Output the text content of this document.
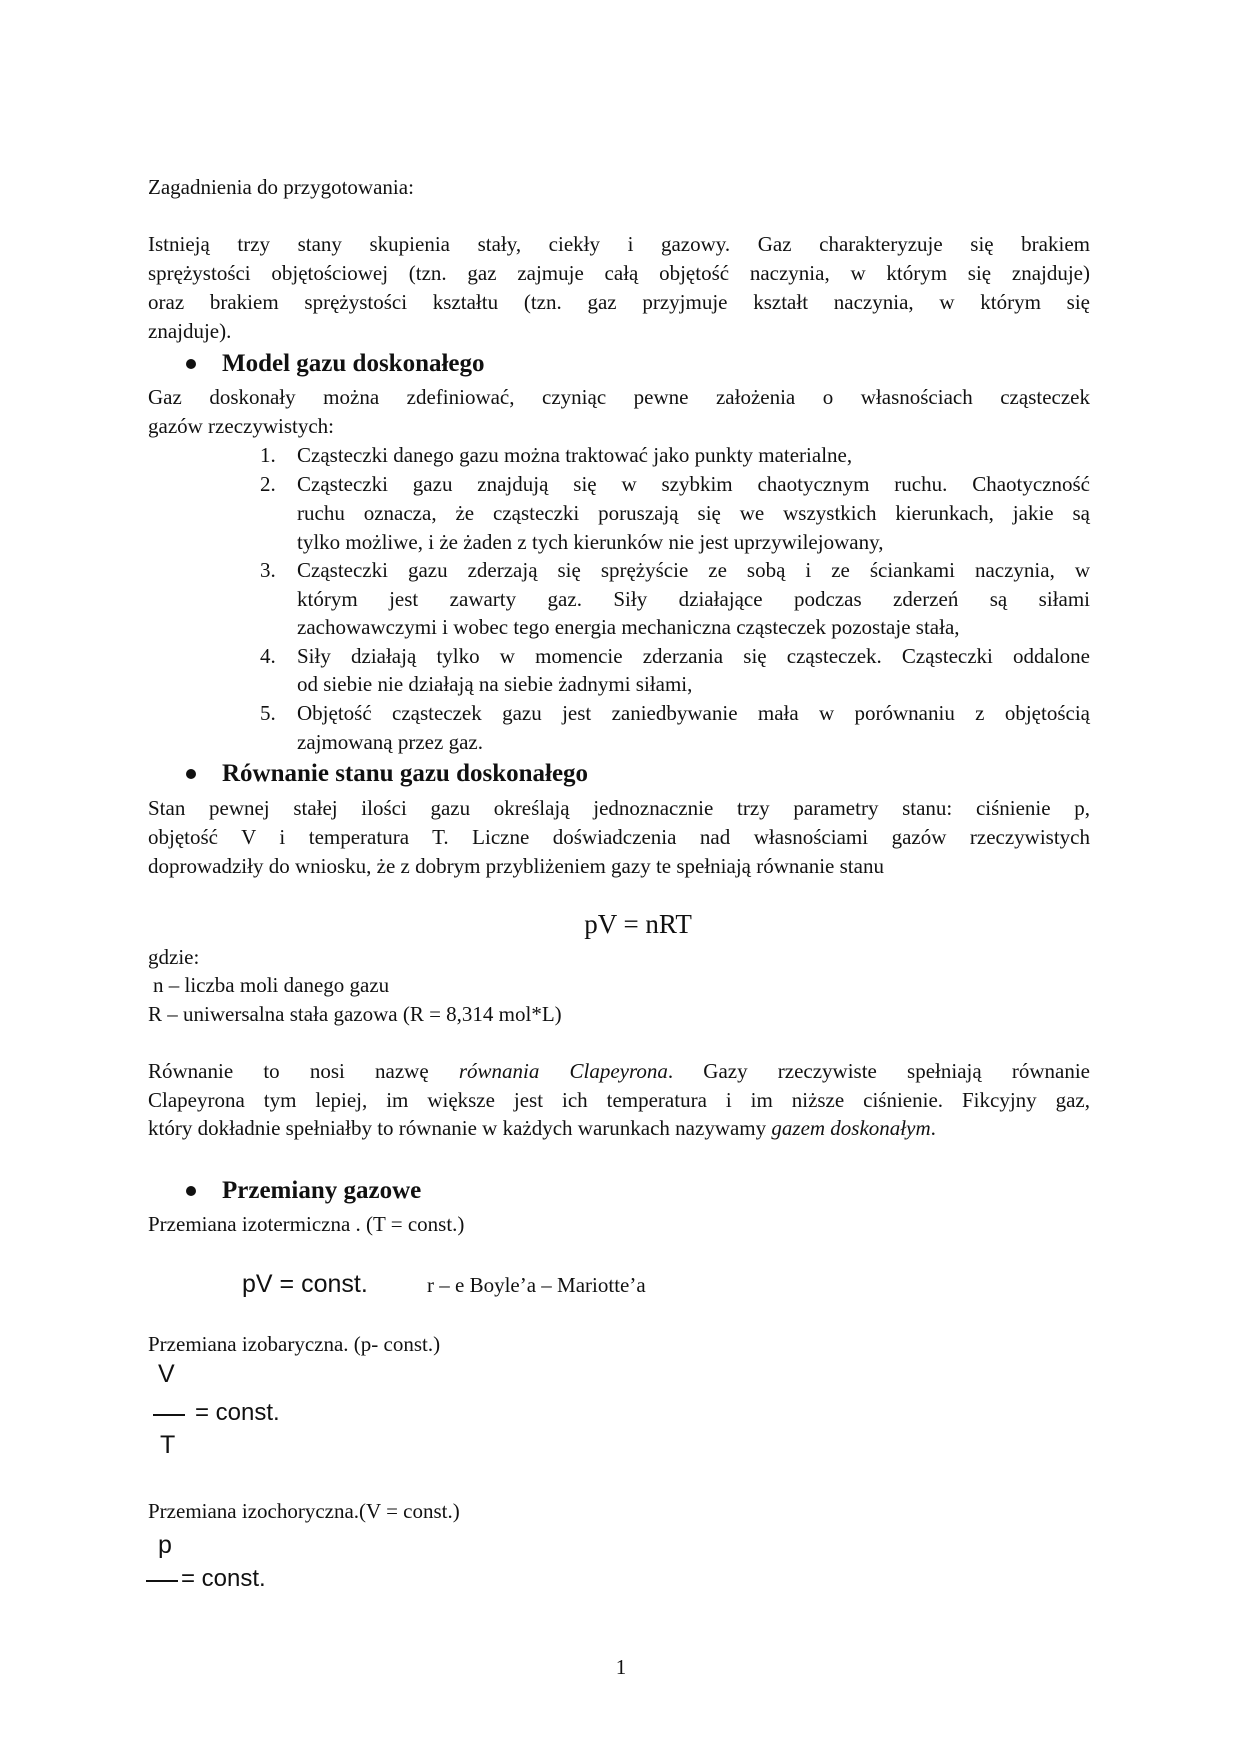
Zagadnienia do przygotowania:
Istnieją trzy stany skupienia stały, ciekły i gazowy. Gaz charakteryzuje się brakiem
sprężystości objętościowej (tzn. gaz zajmuje całą objętość naczynia, w którym się znajduje)
oraz brakiem sprężystości kształtu (tzn. gaz przyjmuje kształt naczynia, w którym się
znajduje).
Model gazu doskonałego
Gaz doskonały można zdefiniować, czyniąc pewne założenia o własnościach cząsteczek
gazów rzeczywistych:
1. Cząsteczki danego gazu można traktować jako punkty materialne,
2. Cząsteczki gazu znajdują się w szybkim chaotycznym ruchu. Chaotyczność
ruchu oznacza, że cząsteczki poruszają się we wszystkich kierunkach, jakie są
tylko możliwe, i że żaden z tych kierunków nie jest uprzywilejowany,
3. Cząsteczki gazu zderzają się sprężyście ze sobą i ze ściankami naczynia, w
którym jest zawarty gaz. Siły działające podczas zderzeń są siłami
zachowawczymi i wobec tego energia mechaniczna cząsteczek pozostaje stała,
4. Siły działają tylko w momencie zderzania się cząsteczek. Cząsteczki oddalone
od siebie nie działają na siebie żadnymi siłami,
5. Objętość cząsteczek gazu jest zaniedbywanie mała w porównaniu z objętością
zajmowaną przez gaz.
Równanie stanu gazu doskonałego
Stan pewnej stałej ilości gazu określają jednoznacznie trzy parametry stanu: ciśnienie p,
objętość V i temperatura T. Liczne doświadczenia nad własnościami gazów rzeczywistych
doprowadziły do wniosku, że z dobrym przybliżeniem gazy te spełniają równanie stanu
pV = nRT
gdzie:
n – liczba moli danego gazu
R – uniwersalna stała gazowa (R = 8,314 mol*L)
Równanie to nosi nazwę równania Clapeyrona. Gazy rzeczywiste spełniają równanie
Clapeyrona tym lepiej, im większe jest ich temperatura i im niższe ciśnienie. Fikcyjny gaz,
który dokładnie spełniałby to równanie w każdych warunkach nazywamy gazem doskonałym.
Przemiany gazowe
Przemiana izotermiczna . (T = const.)
pV = const.	r – e Boyle’a – Mariotte’a
Przemiana izobaryczna. (p- const.)
V
= const.
T
Przemiana izochoryczna.(V = const.)
p
= const.
1
